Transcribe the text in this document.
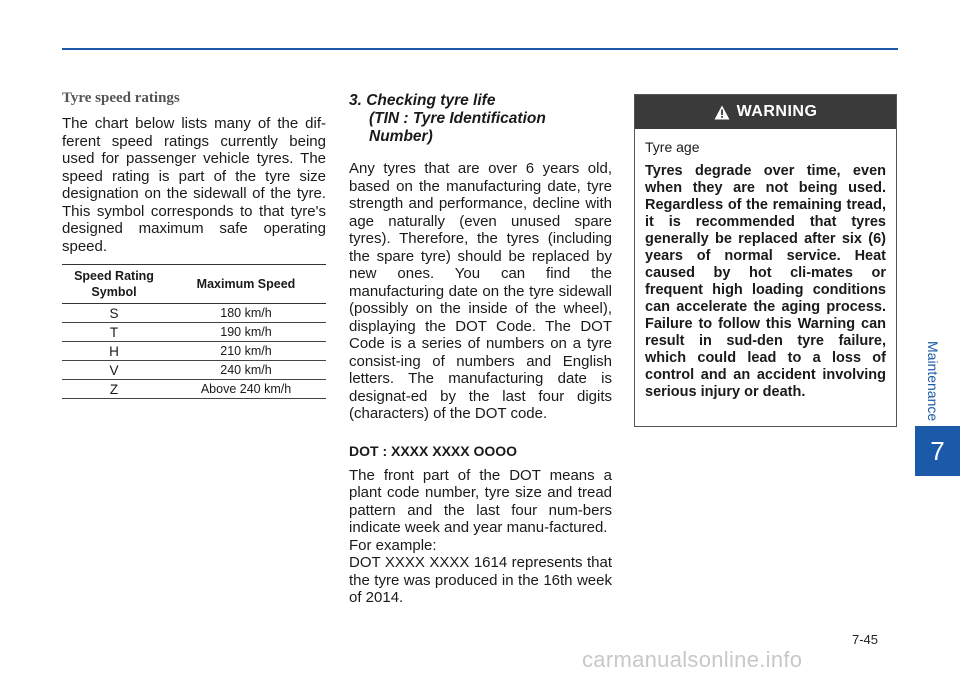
Tyre speed ratings

The chart below lists many of the dif-ferent speed ratings currently being used for passenger vehicle tyres. The speed rating is part of the tyre size designation on the sidewall of the tyre. This symbol corresponds to that tyre's designed maximum safe operating speed.

Speed Rating Symbol	Maximum Speed
S	180 km/h
T	190 km/h
H	210 km/h
V	240 km/h
Z	Above 240 km/h
3. Checking tyre life
(TIN : Tyre Identification
Number)

Any tyres that are over 6 years old, based on the manufacturing date, tyre strength and performance, decline with age naturally (even unused spare tyres). Therefore, the tyres (including the spare tyre) should be replaced by new ones. You can find the manufacturing date on the tyre sidewall (possibly on the inside of the wheel), displaying the DOT Code. The DOT Code is a series of numbers on a tyre consist-ing of numbers and English letters. The manufacturing date is designat-ed by the last four digits (characters) of the DOT code.

DOT : XXXX XXXX OOOO

The front part of the DOT means a plant code number, tyre size and tread pattern and the last four num-bers indicate week and year manu-factured.

For example:

DOT XXXX XXXX 1614 represents that the tyre was produced in the 16th week of 2014.

WARNING

Tyre age

Tyres degrade over time, even when they are not being used. Regardless of the remaining tread, it is recommended that tyres generally be replaced after six (6) years of normal service. Heat caused by hot cli-mates or frequent high loading conditions can accelerate the aging process. Failure to follow this Warning can result in sud-den tyre failure, which could lead to a loss of control and an accident involving serious injury or death.	Maintenance
7
7-45
carmanualsonline.info
